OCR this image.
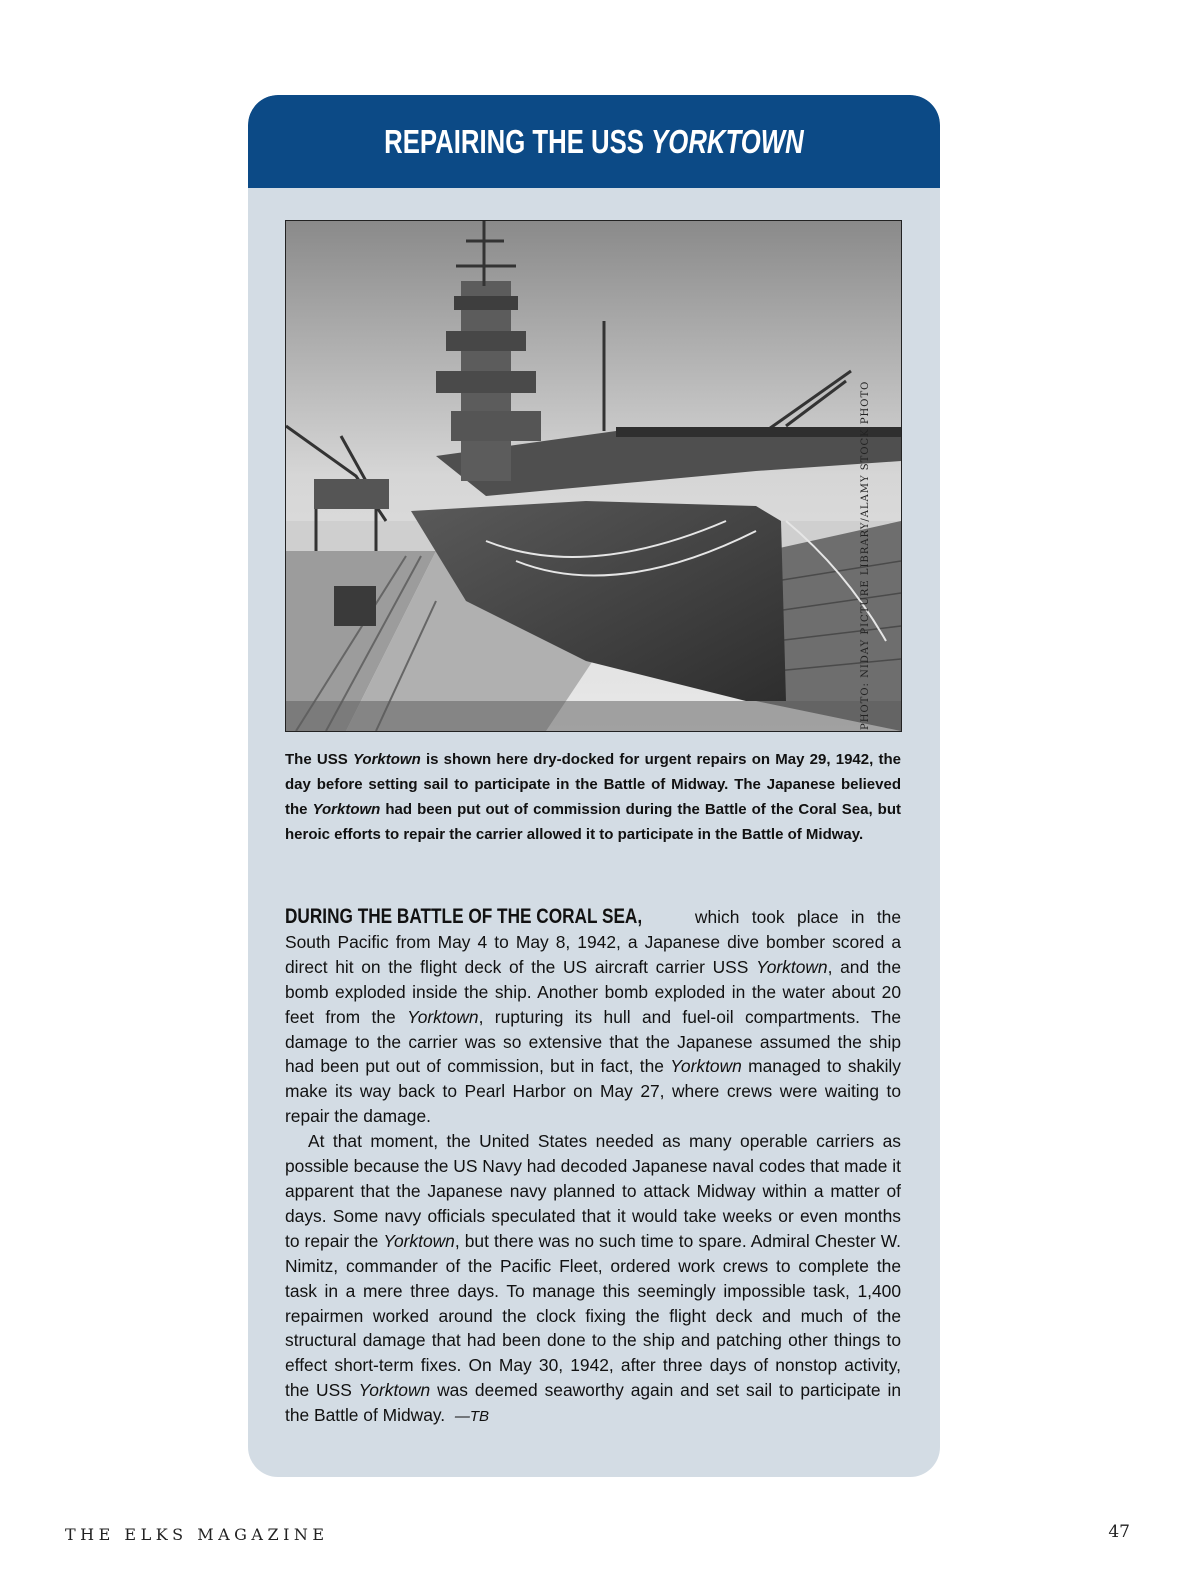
REPAIRING THE USS YORKTOWN
PHOTO: NIDAY PICTURE LIBRARY/ALAMY STOCK PHOTO
The USS Yorktown is shown here dry-docked for urgent repairs on May 29, 1942, the day before setting sail to participate in the Battle of Midway. The Japanese believed the Yorktown had been put out of commission during the Battle of the Coral Sea, but heroic efforts to repair the carrier allowed it to participate in the Battle of Midway.

DURING THE BATTLE OF THE CORAL SEA, which took place in the South Pacific from May 4 to May 8, 1942, a Japanese dive bomber scored a direct hit on the flight deck of the US aircraft carrier USS Yorktown, and the bomb exploded inside the ship. Another bomb exploded in the water about 20 feet from the Yorktown, rupturing its hull and fuel-oil compartments. The damage to the carrier was so extensive that the Japanese assumed the ship had been put out of commission, but in fact, the Yorktown managed to shakily make its way back to Pearl Harbor on May 27, where crews were waiting to repair the damage.

At that moment, the United States needed as many operable carriers as possible because the US Navy had decoded Japanese naval codes that made it apparent that the Japanese navy planned to attack Midway within a matter of days. Some navy officials speculated that it would take weeks or even months to repair the Yorktown, but there was no such time to spare. Admiral Chester W. Nimitz, commander of the Pacific Fleet, ordered work crews to complete the task in a mere three days. To manage this seemingly impossible task, 1,400 repairmen worked around the clock fixing the flight deck and much of the structural damage that had been done to the ship and patching other things to effect short-term fixes. On May 30, 1942, after three days of nonstop activity, the USS Yorktown was deemed seaworthy again and set sail to participate in the Battle of Midway. —TB

THE ELKS MAGAZINE	47
